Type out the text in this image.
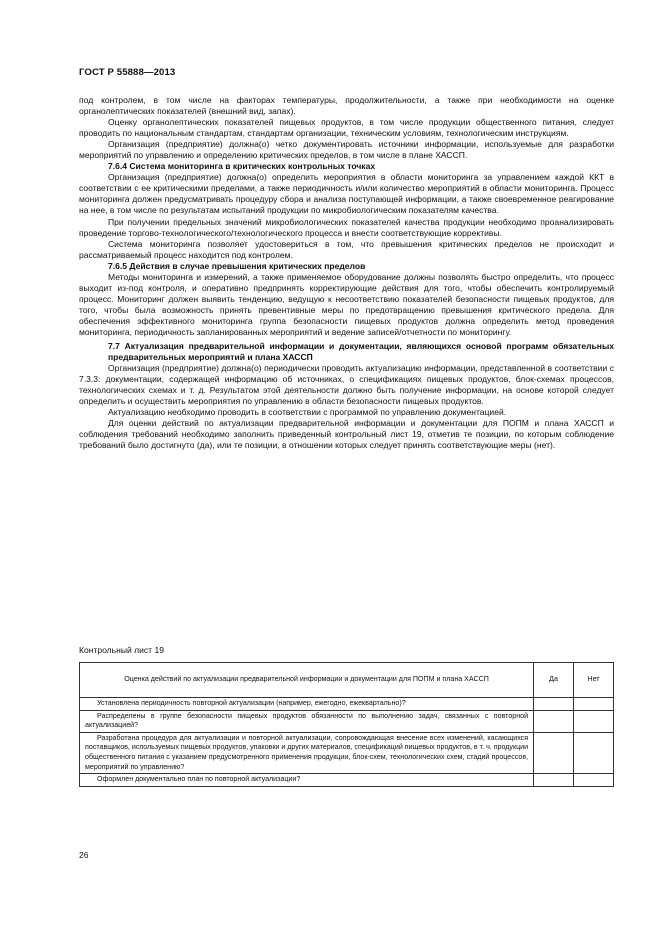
ГОСТ Р 55888—2013

под контролем, в том числе на факторах температуры, продолжительности, а также при необходимости на оценке органолептических показателей (внешний вид, запах).

Оценку органолептических показателей пищевых продуктов, в том числе продукции общественного питания, следует проводить по национальным стандартам, стандартам организации, техническим условиям, технологическим инструкциям.

Организация (предприятие) должна(о) четко документировать источники информации, используемые для разработки мероприятий по управлению и определению критических пределов, в том числе в плане ХАССП.

7.6.4 Система мониторинга в критических контрольных точках

Организация (предприятие) должна(о) определить мероприятия в области мониторинга за управлением каждой ККТ в соответствии с ее критическими пределами, а также периодичность и/или количество мероприятий в области мониторинга. Процесс мониторинга должен предусматривать процедуру сбора и анализа поступающей информации, а также своевременное реагирование на нее, в том числе по результатам испытаний продукции по микробиологическим показателям качества.

При получении предельных значений микробиологических показателей качества продукции необходимо проанализировать проведение торгово-технологического/технологического процесса и внести соответствующие коррективы.

Система мониторинга позволяет удостовериться в том, что превышения критических пределов не происходит и рассматриваемый процесс находится под контролем.

7.6.5 Действия в случае превышения критических пределов

Методы мониторинга и измерений, а также применяемое оборудование должны позволять быстро определить, что процесс выходит из-под контроля, и оперативно предпринять корректирующие действия для того, чтобы обеспечить контролируемый процесс. Мониторинг должен выявить тенденцию, ведущую к несоответствию показателей безопасности пищевых продуктов, для того, чтобы была возможность принять превентивные меры по предотвращению превышения критического предела. Для обеспечения эффективного мониторинга группа безопасности пищевых продуктов должна определить метод проведения мониторинга, периодичность запланированных мероприятий и ведение записей/отчетности по мониторингу.

7.7 Актуализация предварительной информации и документации, являющихся основой программ обязательных предварительных мероприятий и плана ХАССП

Организация (предприятие) должна(о) периодически проводить актуализацию информации, представленной в соответствии с 7.3.3: документации, содержащей информацию об источниках, о спецификациях пищевых продуктов, блок-схемах процессов, технологических схемах и т. д. Результатом этой деятельности должно быть получение информации, на основе которой следует определить и осуществить мероприятия по управлению в области безопасности пищевых продуктов.

Актуализацию необходимо проводить в соответствии с программой по управлению документацией.

Для оценки действий по актуализации предварительной информации и документации для ПОПМ и плана ХАССП и соблюдения требований необходимо заполнить приведенный контрольный лист 19, отметив те позиции, по которым соблюдение требований было достигнуто (да), или те позиции, в отношении которых следует принять соответствующие меры (нет).

Контрольный лист 19
Оценка действий по актуализации предварительной информации и документации для ПОПМ и плана ХАССП	Да	Нет

Установлена периодичность повторной актуализации (например, ежегодно, ежеквартально)?		

Распределены в группе безопасности пищевых продуктов обязанности по выполнению задач, связанных с повторной актуализацией?		

Разработана процедура для актуализации и повторной актуализации, сопровождающая внесение всех изменений, касающихся поставщиков, используемых пищевых продуктов, упаковки и других материалов, спецификаций пищевых продуктов, в т. ч. продукции общественного питания с указанием предусмотренного применения продукции, блок-схем, технологических схем, стадий процессов, мероприятий по управлению?		

Оформлен документально план по повторной актуализации?		

26
